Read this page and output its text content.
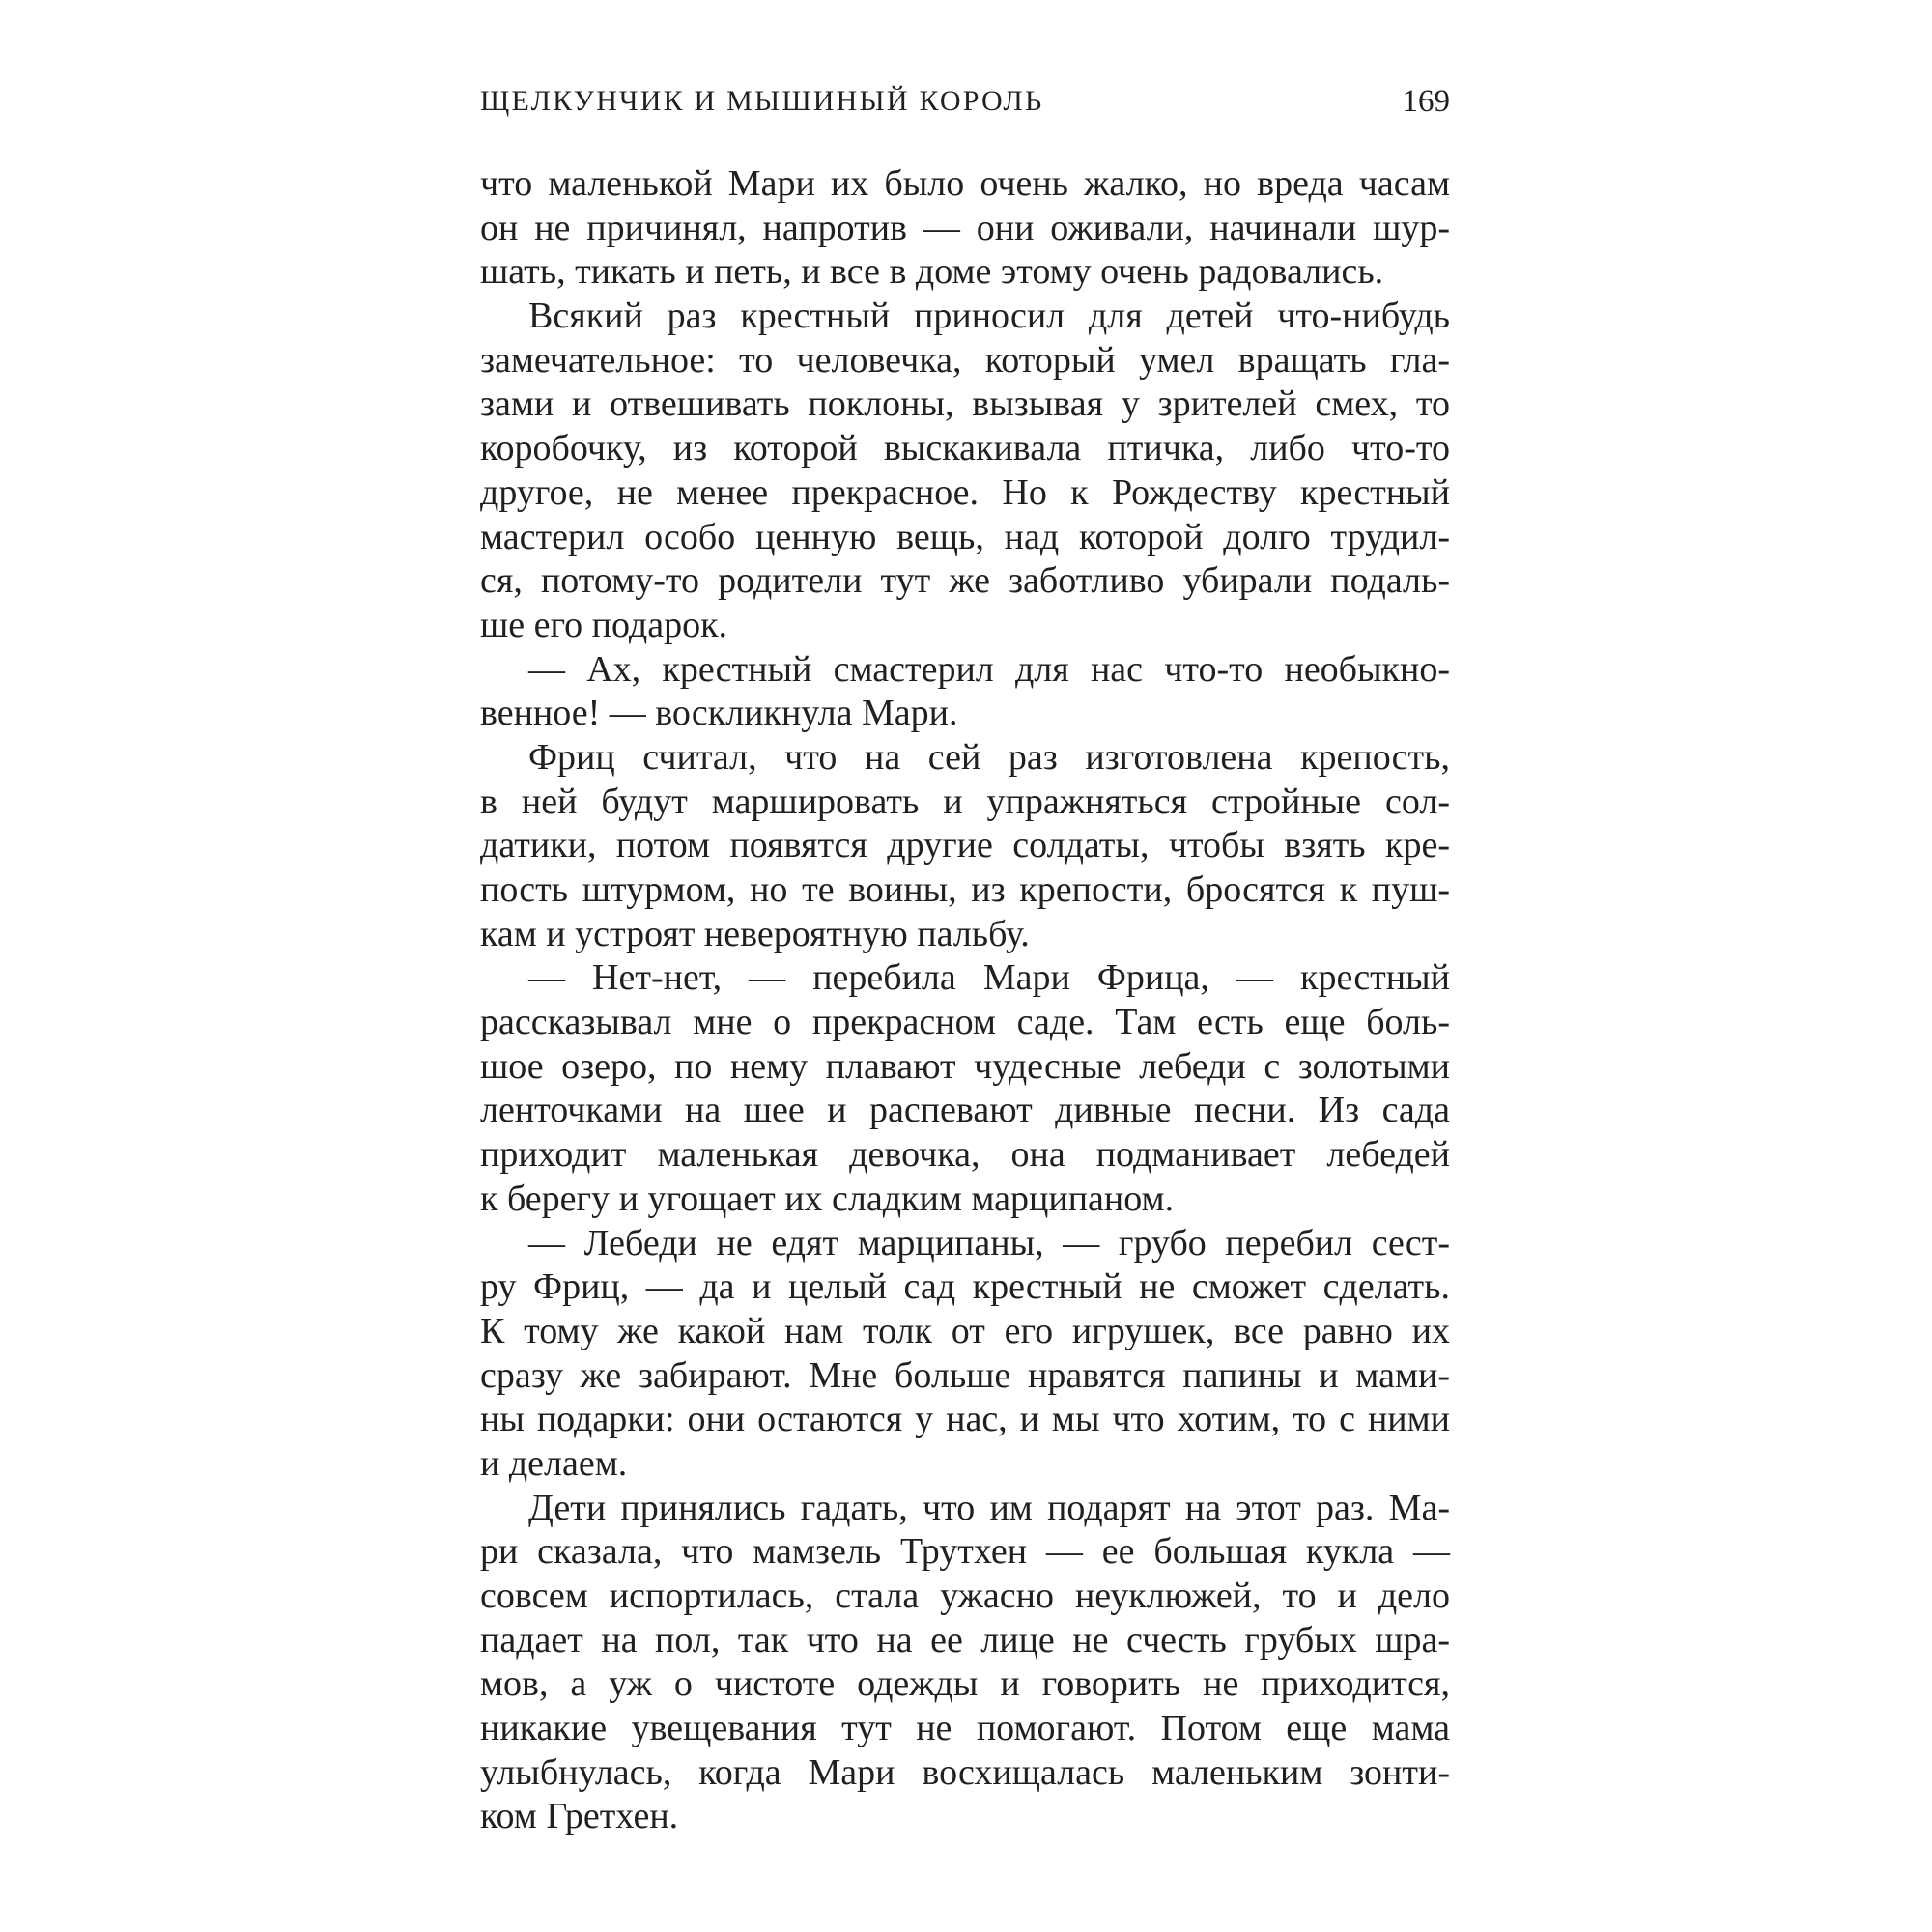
ЩЕЛКУНЧИК И МЫШИНЫЙ КОРОЛЬ	169
что маленькой Мари их было очень жалко, но вреда часам
он не причинял, напротив — они оживали, начинали шур-
шать, тикать и петь, и все в доме этому очень радовались.
Всякий раз крестный приносил для детей что-нибудь
замечательное: то человечка, который умел вращать гла-
зами и отвешивать поклоны, вызывая у зрителей смех, то
коробочку, из которой выскакивала птичка, либо что-то
другое, не менее прекрасное. Но к Рождеству крестный
мастерил особо ценную вещь, над которой долго трудил-
ся, потому-то родители тут же заботливо убирали подаль-
ше его подарок.
— Ах, крестный смастерил для нас что-то необыкно-
венное! — воскликнула Мари.
Фриц считал, что на сей раз изготовлена крепость,
в ней будут маршировать и упражняться стройные сол-
датики, потом появятся другие солдаты, чтобы взять кре-
пость штурмом, но те воины, из крепости, бросятся к пуш-
кам и устроят невероятную пальбу.
— Нет-нет, — перебила Мари Фрица, — крестный
рассказывал мне о прекрасном саде. Там есть еще боль-
шое озеро, по нему плавают чудесные лебеди с золотыми
ленточками на шее и распевают дивные песни. Из сада
приходит маленькая девочка, она подманивает лебедей
к берегу и угощает их сладким марципаном.
— Лебеди не едят марципаны, — грубо перебил сест-
ру Фриц, — да и целый сад крестный не сможет сделать.
К тому же какой нам толк от его игрушек, все равно их
сразу же забирают. Мне больше нравятся папины и мами-
ны подарки: они остаются у нас, и мы что хотим, то с ними
и делаем.
Дети принялись гадать, что им подарят на этот раз. Ма-
ри сказала, что мамзель Трутхен — ее большая кукла —
совсем испортилась, стала ужасно неуклюжей, то и дело
падает на пол, так что на ее лице не счесть грубых шра-
мов, а уж о чистоте одежды и говорить не приходится,
никакие увещевания тут не помогают. Потом еще мама
улыбнулась, когда Мари восхищалась маленьким зонти-
ком Гретхен.
